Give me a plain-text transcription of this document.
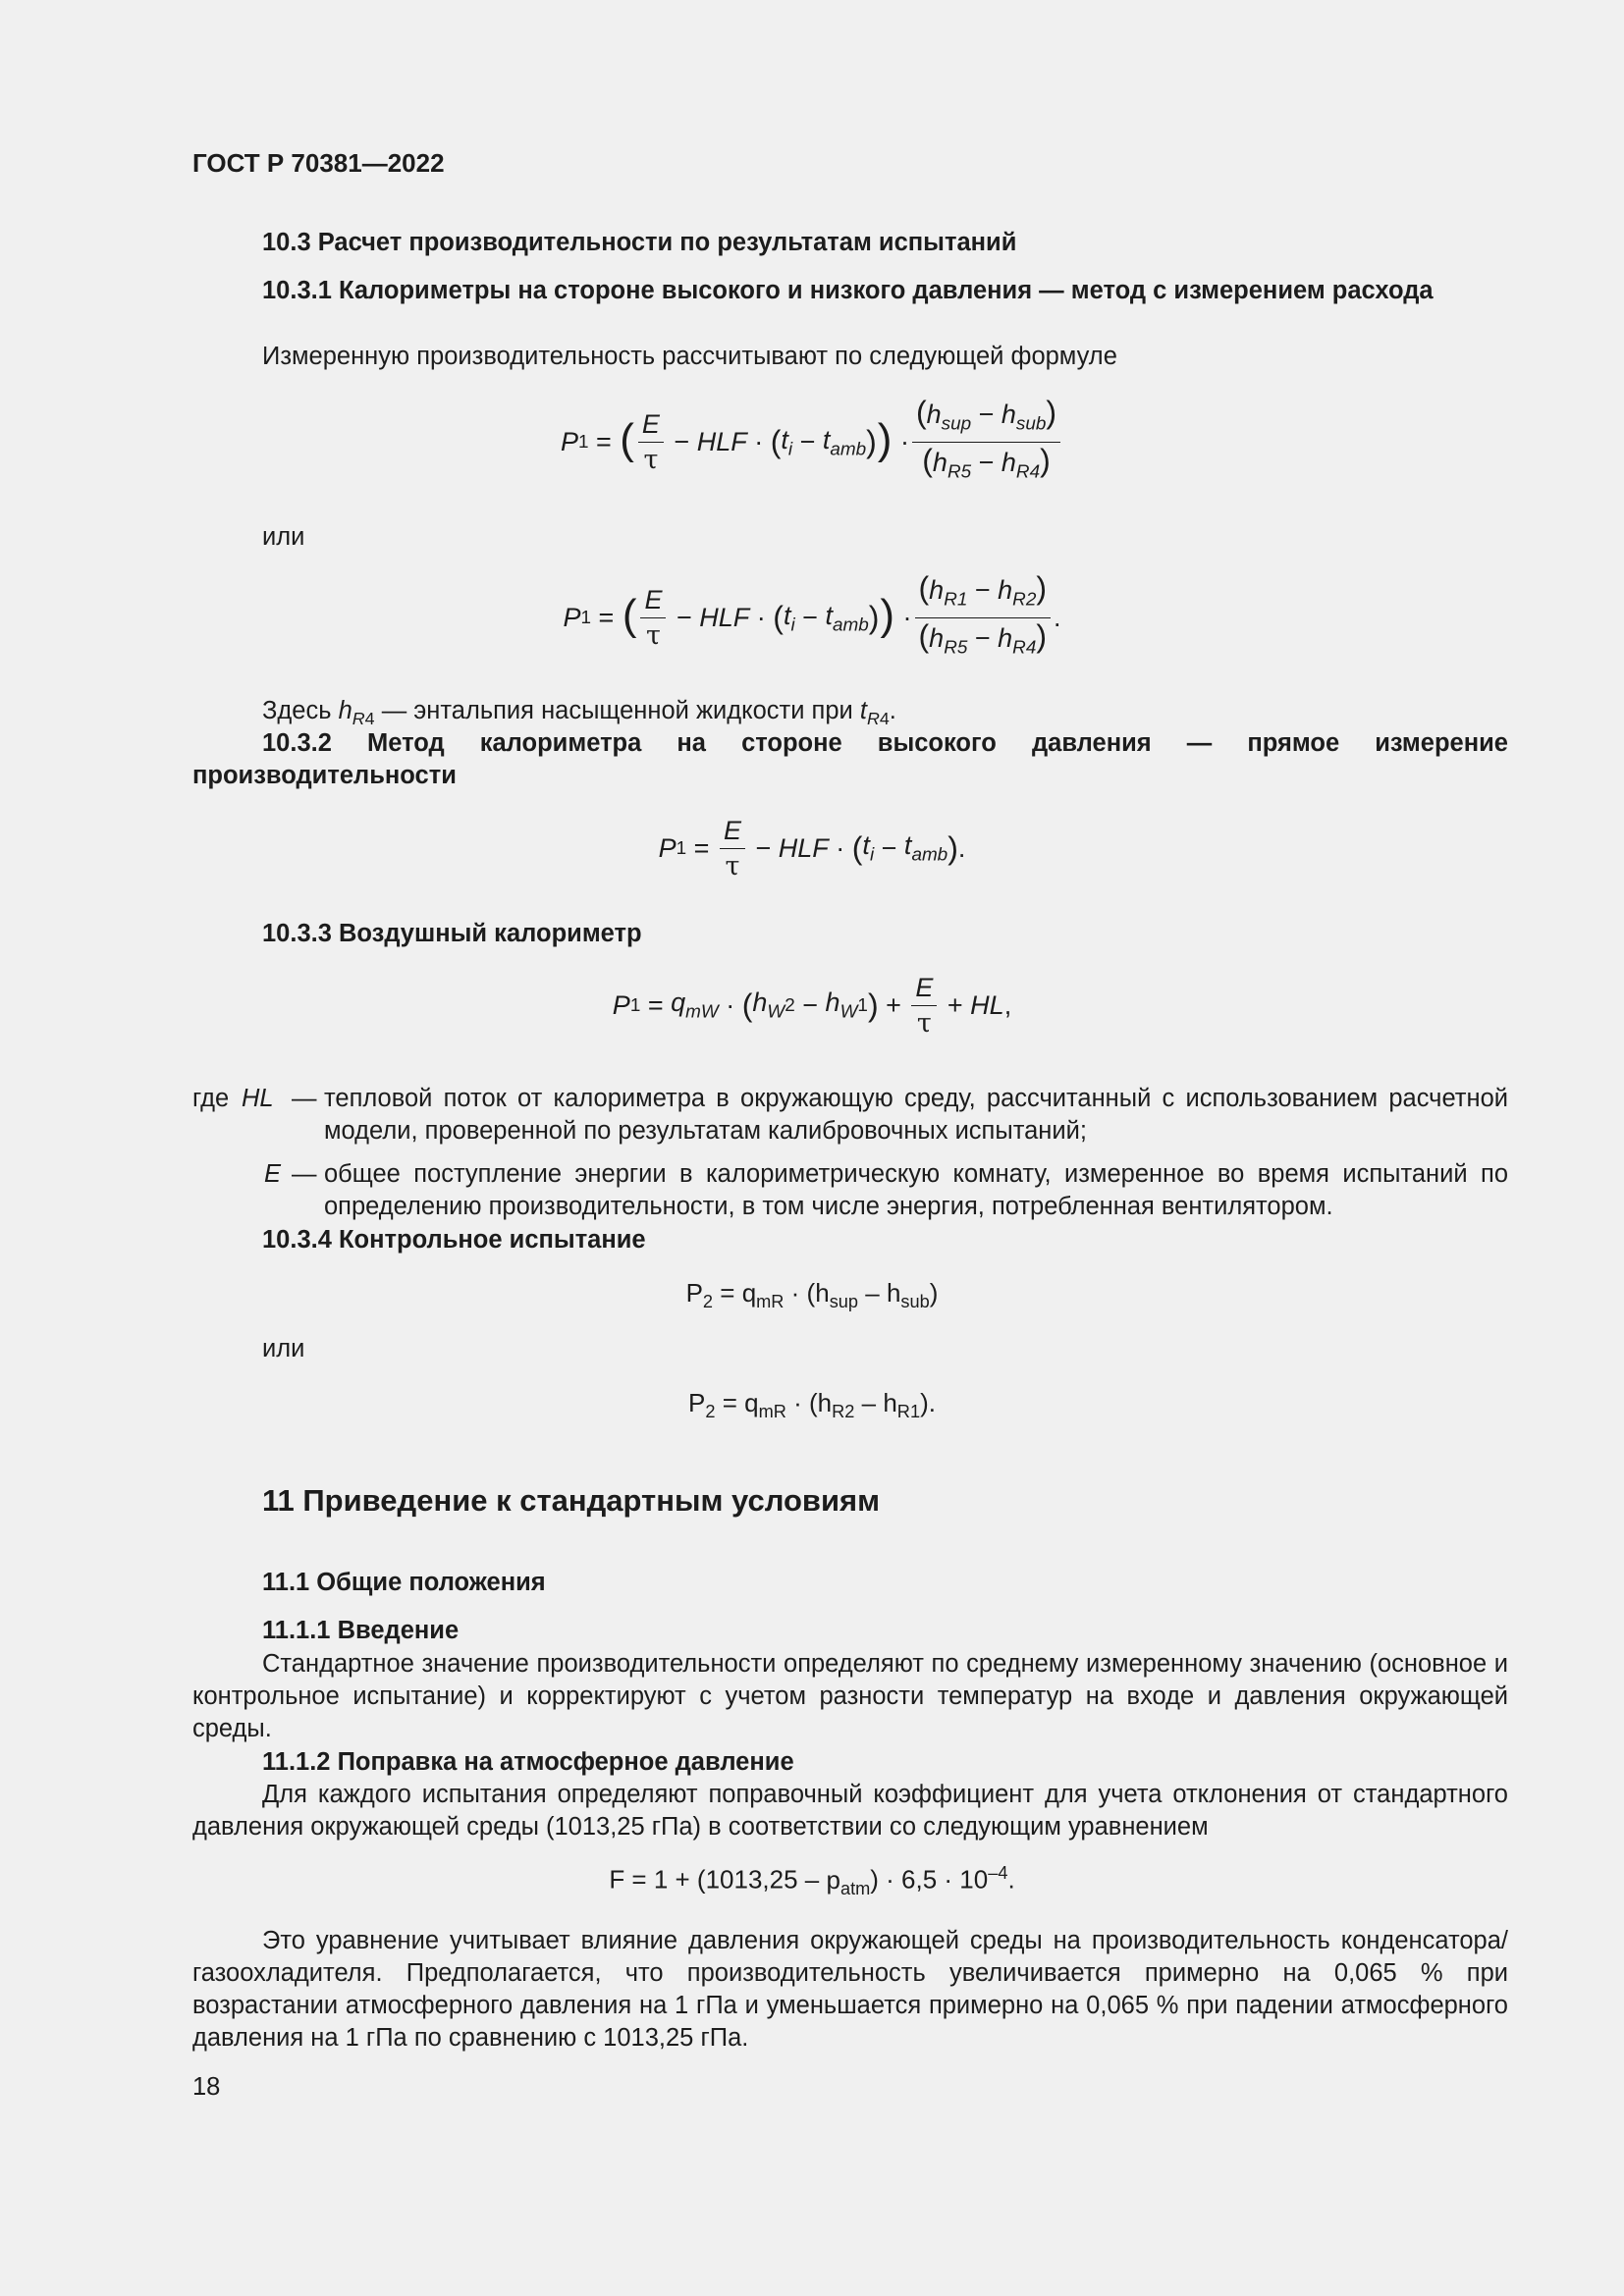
ГОСТ Р 70381—2022
10.3 Расчет производительности по результатам испытаний
10.3.1 Калориметры на стороне высокого и низкого давления — метод с измерением расхода
Измеренную производительность рассчитывают по следующей формуле
P 1 = ( $\frac{E}{\tau}$ − HLF · ( $t_i - t_{amb}$ ) ) · $\frac{(h_{sup} - h_{sub})}{(h_{R5} - h_{R4})}$
или
P 1 = ( $\frac{E}{\tau}$ − HLF · ( $t_i - t_{amb}$ ) ) · $\frac{(h_{R1} - h_{R2})}{(h_{R5} - h_{R4})}$ .
Здесь $h_{R4}$ — энтальпия насыщенной жидкости при $t_{R4}$.
10.3.2 Метод калориметра на стороне высокого давления — прямое измерение производительности
P $1 = \frac{E}{\tau}$ − HLF · ( $t_i - t_{amb}$ ) .
10.3.3 Воздушный калориметр
P $1 = q_{mW}$ · ( $h_W$ $2 - h_W$ 1 ) + $\frac{E}{\tau}$ + HL ,
где HL — тепловой поток от калориметра в окружающую среду, рассчитанный с использованием расчетной модели, проверенной по результатам калибровочных испытаний;
E — общее поступление энергии в калориметрическую комнату, измеренное во время испытаний по определению производительности, в том числе энергия, потребленная вентилятором.
10.3.4 Контрольное испытание
$P_2 = q_{mR} \cdot (h_{sup} - h_{sub})$
или
$P_2 = q_{mR} \cdot (h_{R2} - h_{R1})$.
11 Приведение к стандартным условиям
11.1 Общие положения
11.1.1 Введение
Стандартное значение производительности определяют по среднему измеренному значению (основное и контрольное испытание) и корректируют с учетом разности температур на входе и давления окружающей среды.
11.1.2 Поправка на атмосферное давление
Для каждого испытания определяют поправочный коэффициент для учета отклонения от стандартного давления окружающей среды (1013,25 гПа) в соответствии со следующим уравнением
$F = 1 + (1013,25 - p_{atm}) \cdot 6,5 \cdot 10^{-4}$.
Это уравнение учитывает влияние давления окружающей среды на производительность конденсатора/газоохладителя. Предполагается, что производительность увеличивается примерно на 0,065 % при возрастании атмосферного давления на 1 гПа и уменьшается примерно на 0,065 % при падении атмосферного давления на 1 гПа по сравнению с 1013,25 гПа.
18
